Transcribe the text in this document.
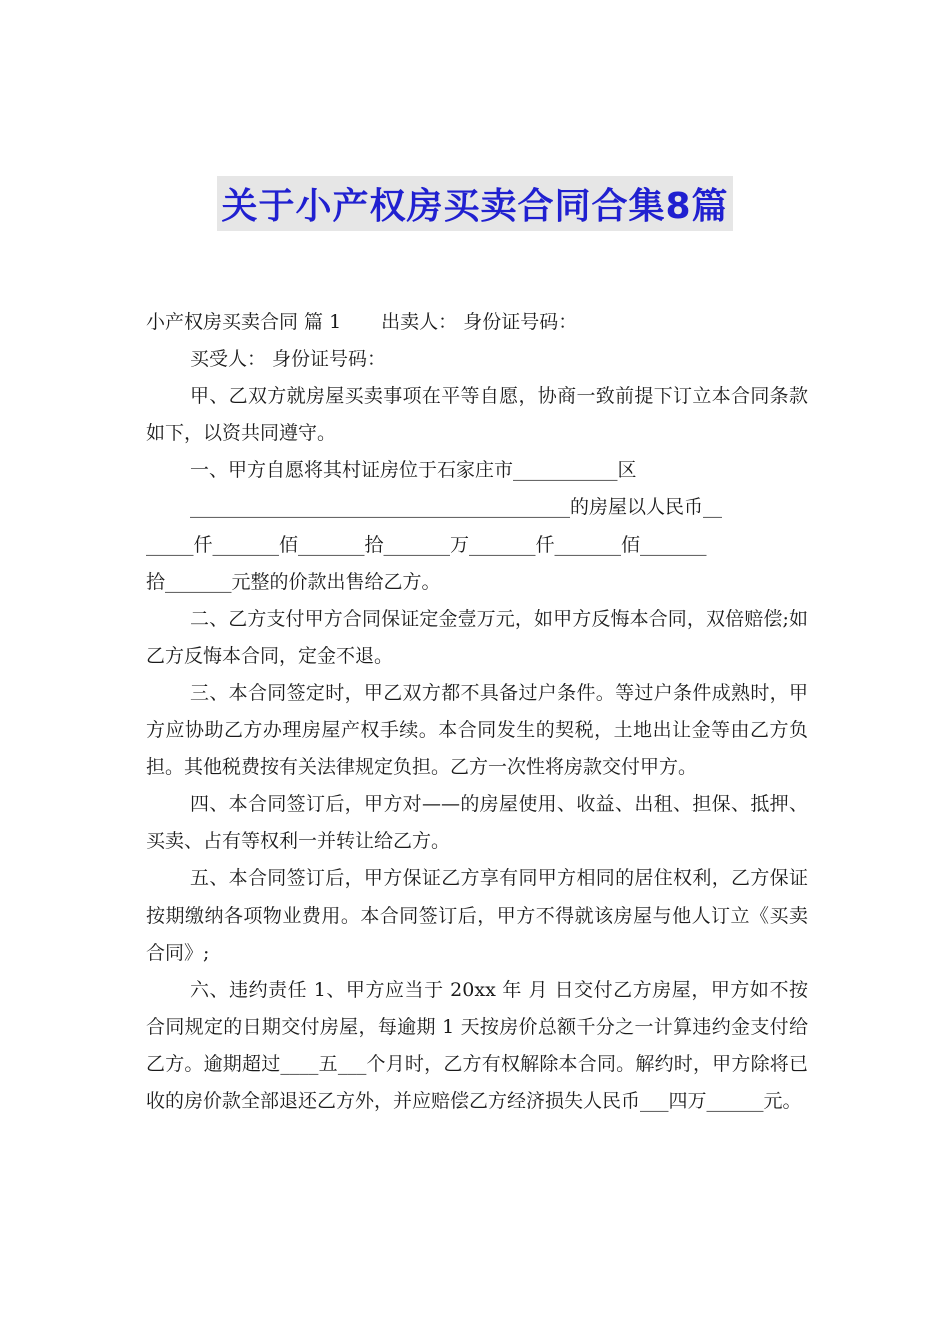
关于小产权房买卖合同合集8篇

小产权房买卖合同 篇 1 出卖人： 身份证号码：

买受人： 身份证号码：

甲、乙双方就房屋买卖事项在平等自愿，协商一致前提下订立本合同条款如下，以资共同遵守。

一、甲方自愿将其村证房位于石家庄市___________区
________________________________________的房屋以人民币__
_____仟_______佰_______拾_______万_______仟_______佰_______
拾_______元整的价款出售给乙方。

二、乙方支付甲方合同保证定金壹万元，如甲方反悔本合同，双倍赔偿;如乙方反悔本合同，定金不退。

三、本合同签定时，甲乙双方都不具备过户条件。等过户条件成熟时，甲方应协助乙方办理房屋产权手续。本合同发生的契税，土地出让金等由乙方负担。其他税费按有关法律规定负担。乙方一次性将房款交付甲方。

四、本合同签订后，甲方对——的房屋使用、收益、出租、担保、抵押、买卖、占有等权利一并转让给乙方。

五、本合同签订后，甲方保证乙方享有同甲方相同的居住权利，乙方保证按期缴纳各项物业费用。本合同签订后，甲方不得就该房屋与他人订立《买卖合同》;

六、违约责任 1、甲方应当于 20xx 年 月 日交付乙方房屋，甲方如不按合同规定的日期交付房屋，每逾期 1 天按房价总额千分之一计算违约金支付给乙方。逾期超过____五___个月时，乙方有权解除本合同。解约时，甲方除将已收的房价款全部退还乙方外，并应赔偿乙方经济损失人民币___四万______元。
